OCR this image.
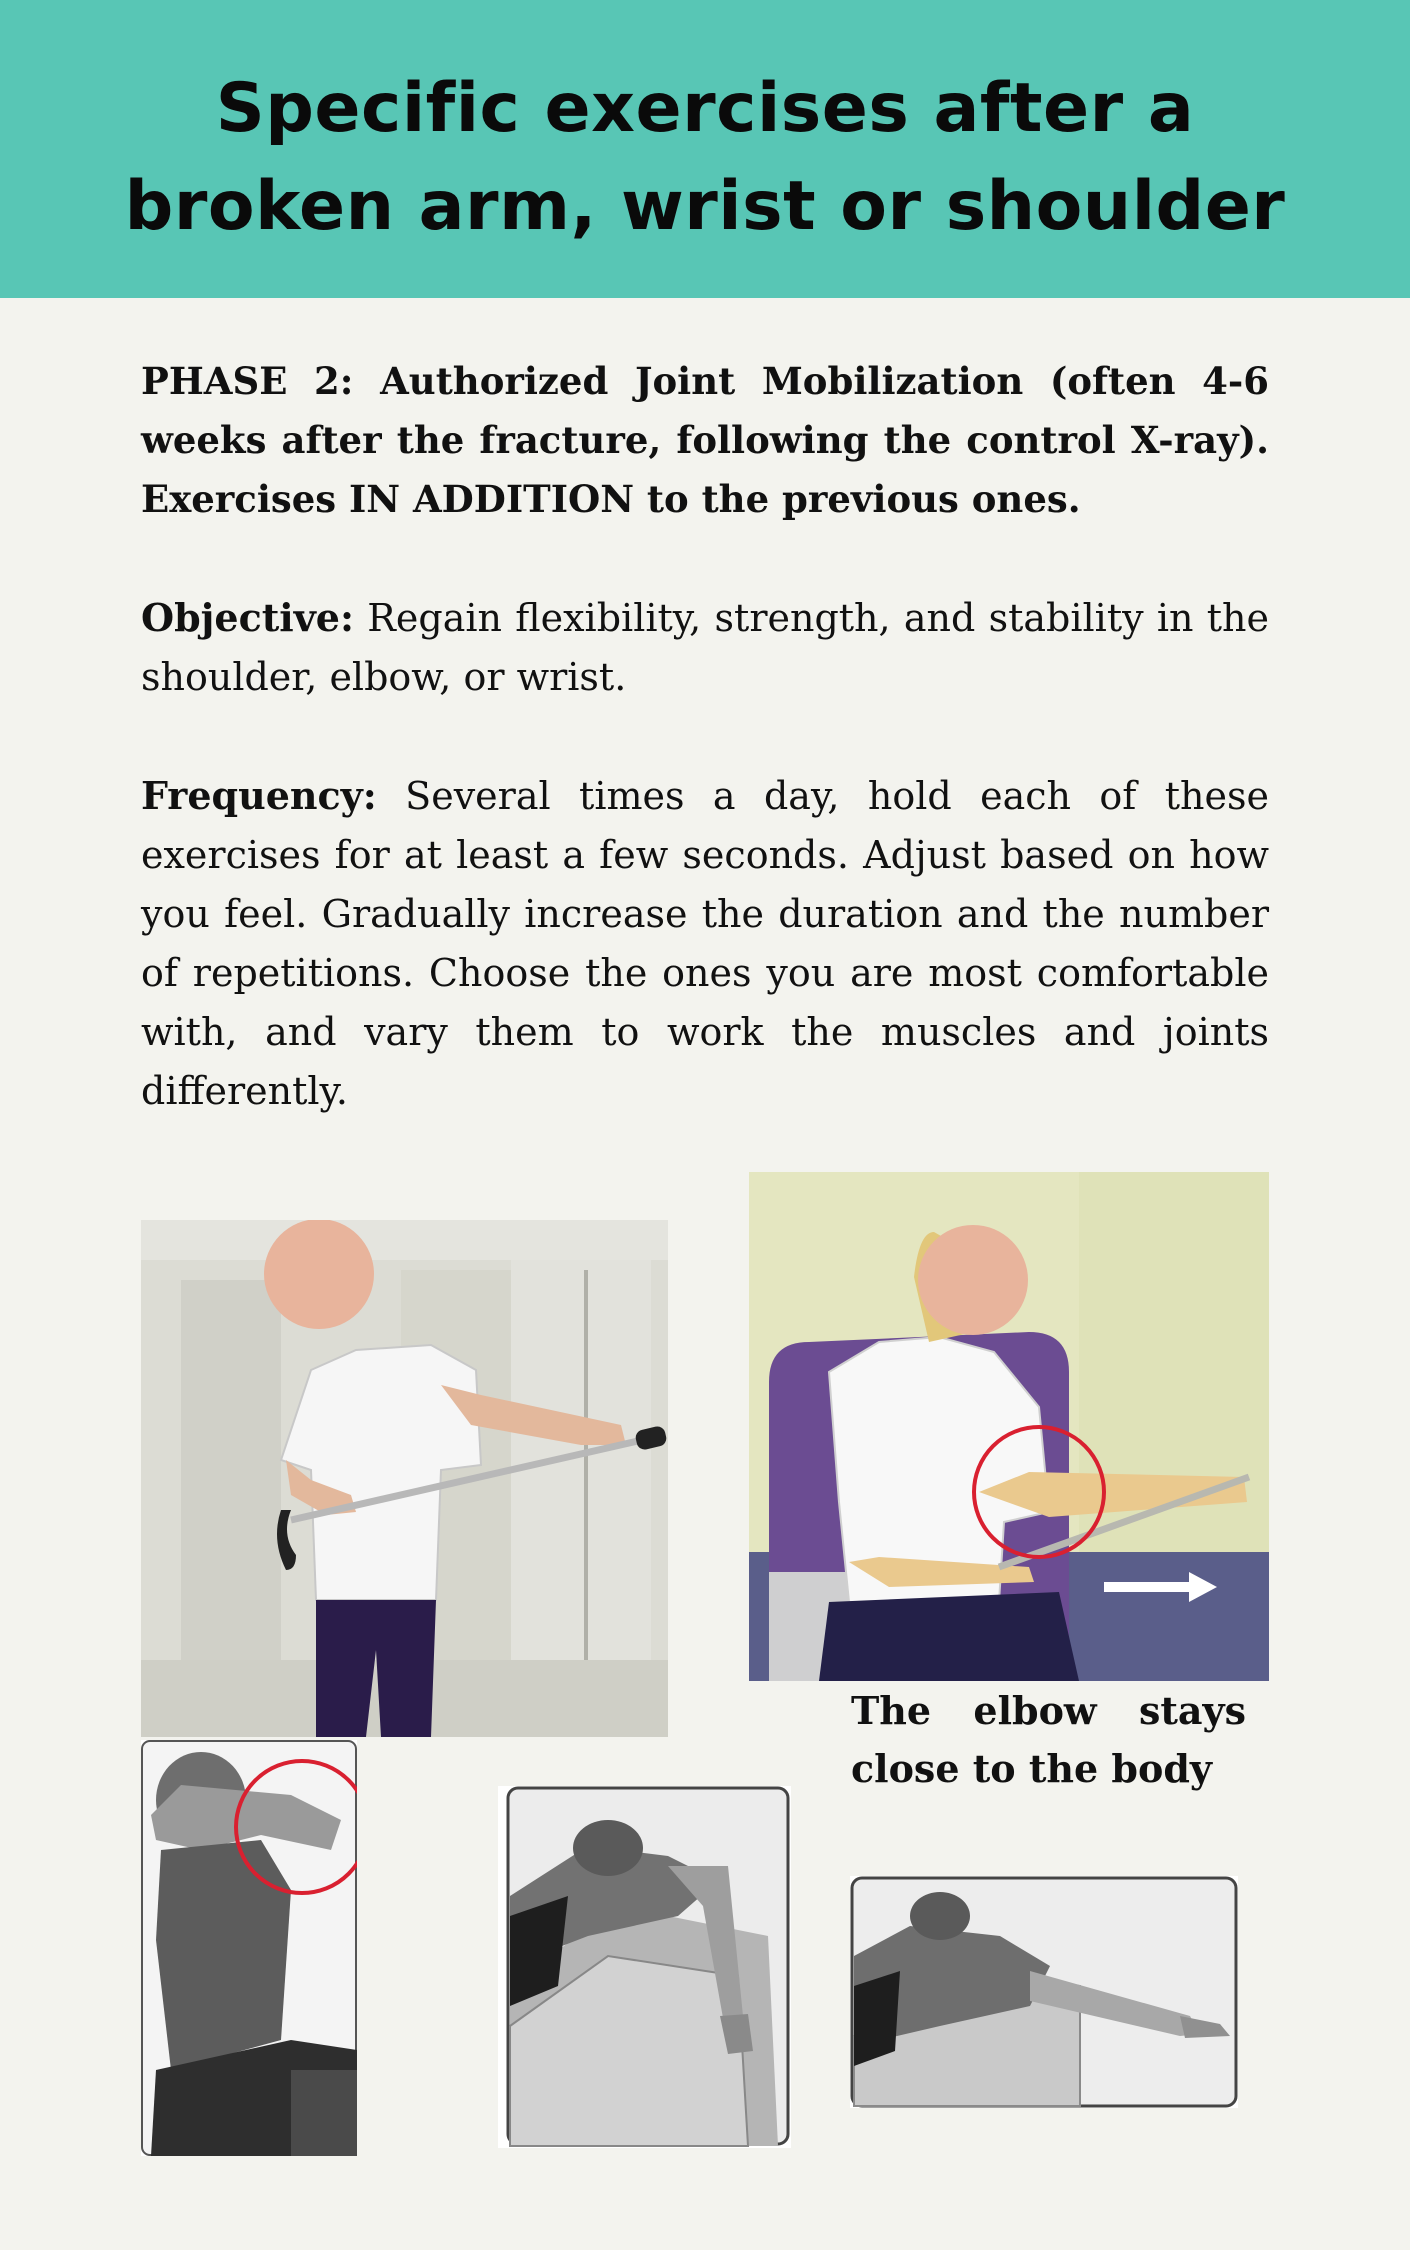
Specific exercises after a
broken arm, wrist or shoulder

PHASE 2: Authorized Joint Mobilization (often 4-6 weeks after the fracture, following the control X-ray). Exercises IN ADDITION to the previous ones.

Objective: Regain flexibility, strength, and stability in the shoulder, elbow, or wrist.

Frequency: Several times a day, hold each of these exercises for at least a few seconds. Adjust based on how you feel. Gradually increase the duration and the number of repetitions. Choose the ones you are most comfortable with, and vary them to work the muscles and joints differently.

The elbow stays close to the body
